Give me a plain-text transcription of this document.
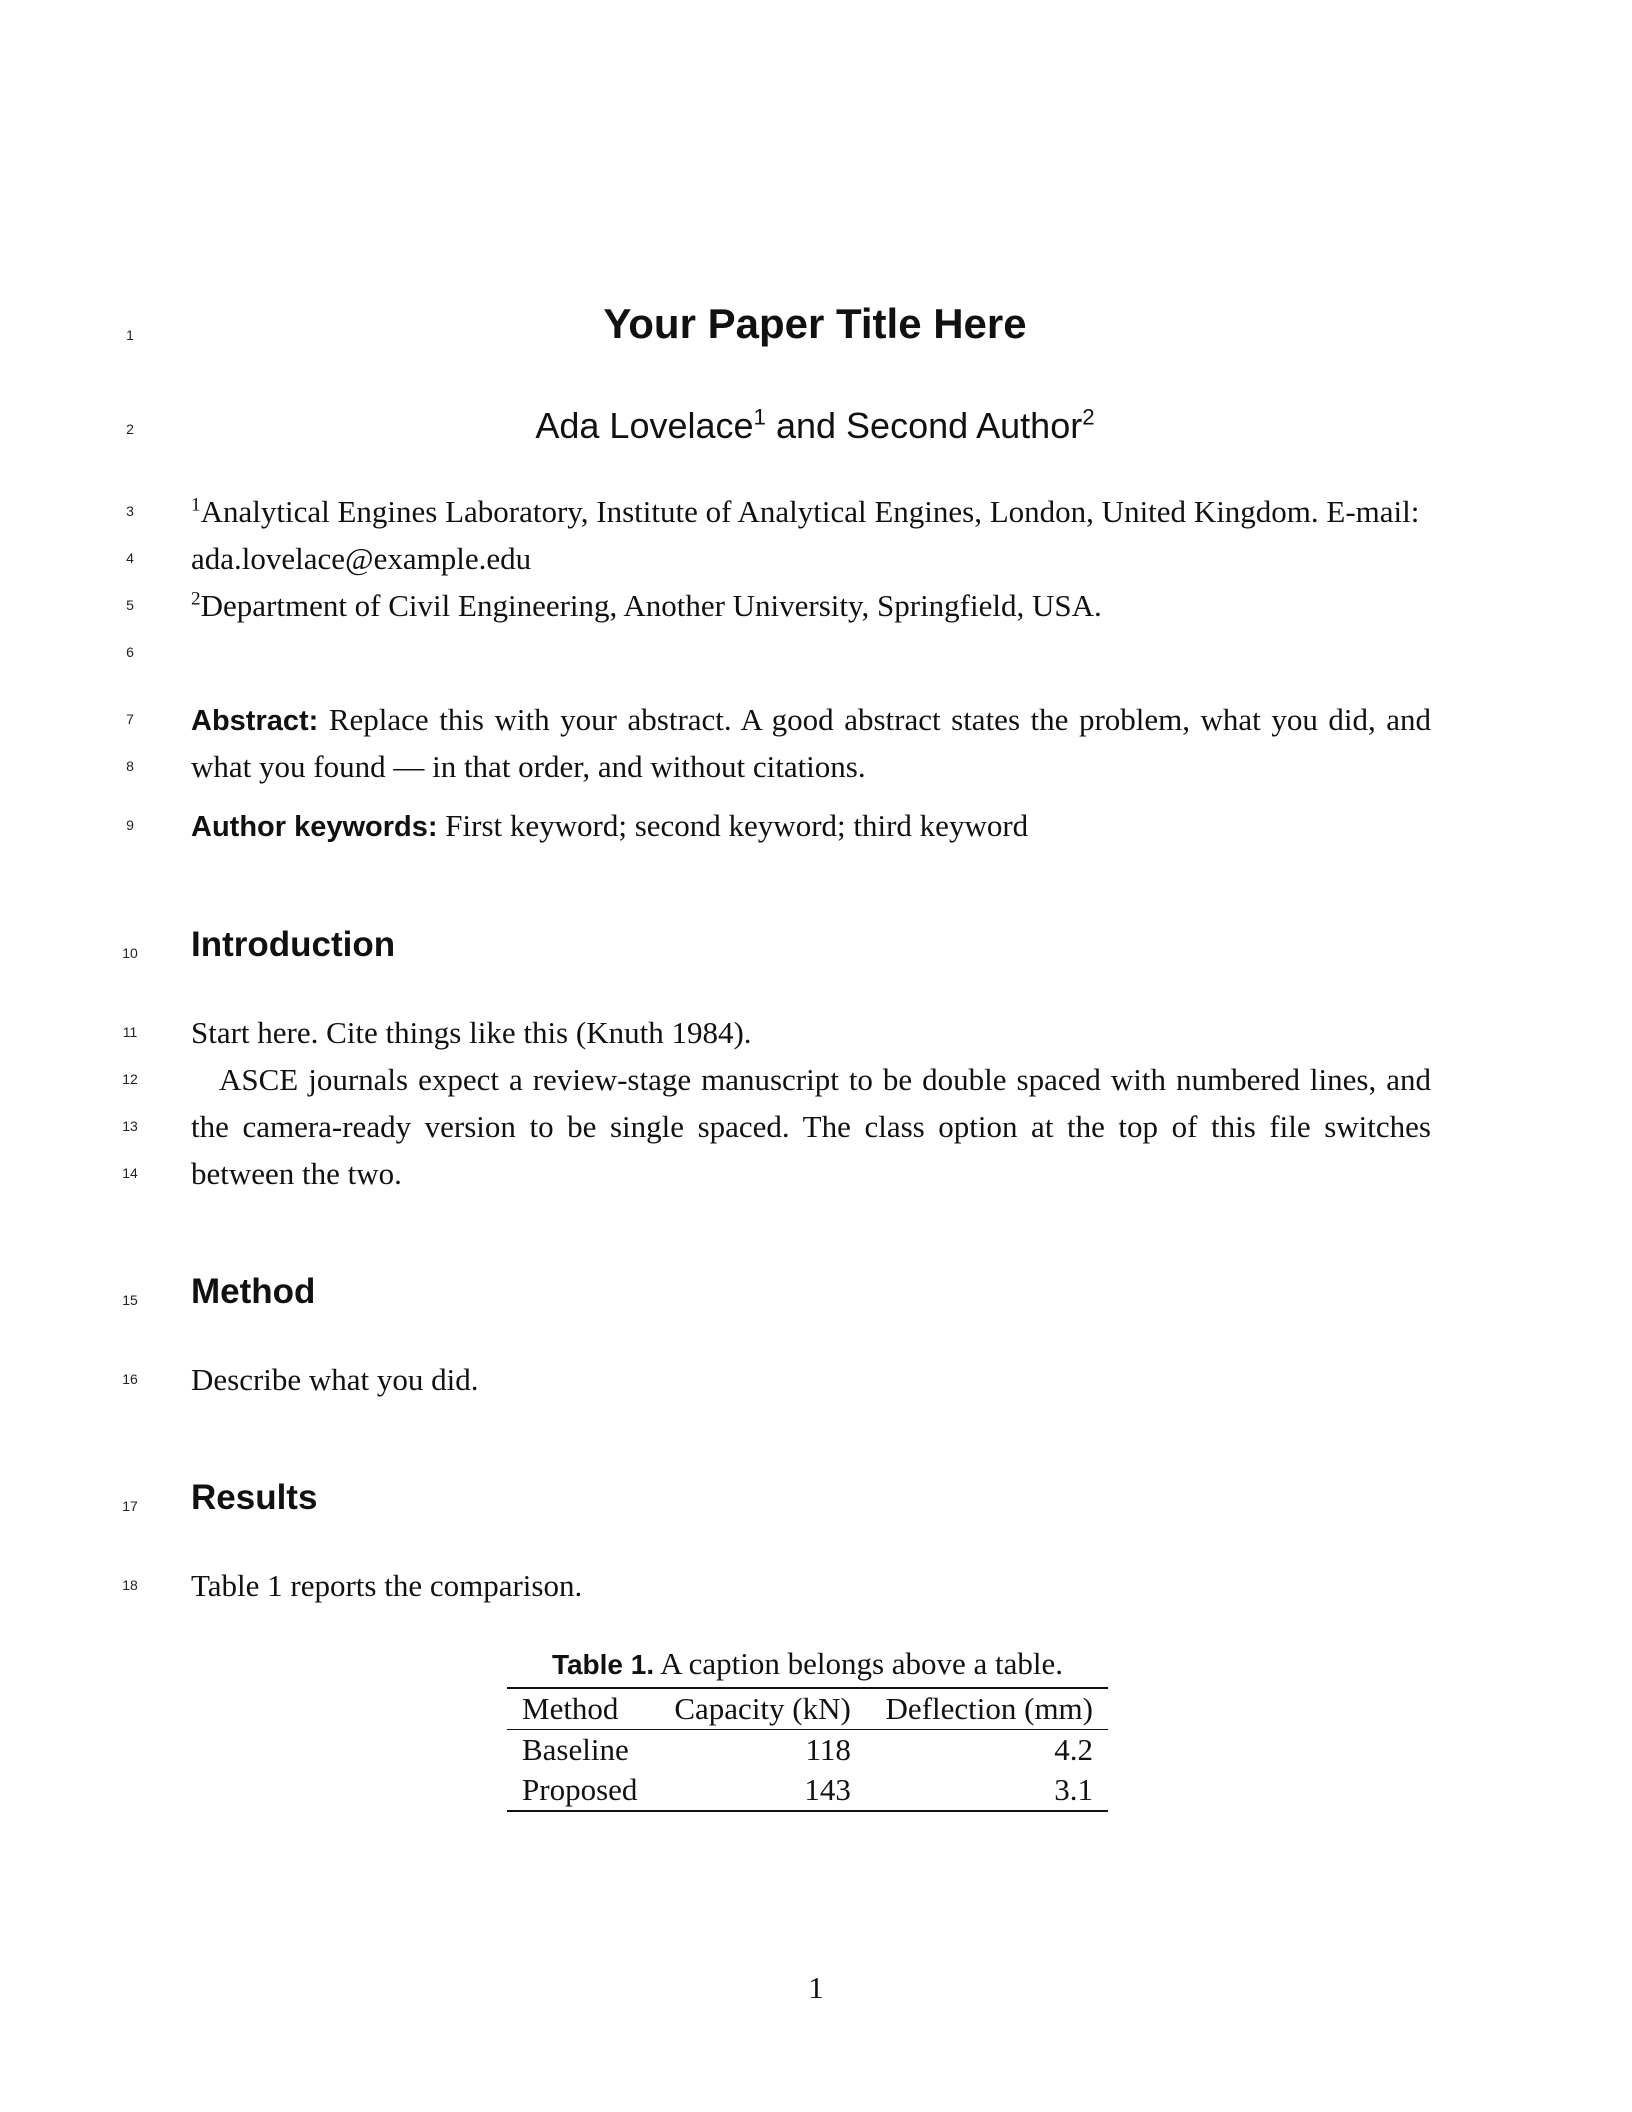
1
2
3
4
5
6
7
8
9
10
11
12
13
14
15
16
17
18
Your Paper Title Here
Ada Lovelace$^1$ and Second Author$^2$
$^1$Analytical Engines Laboratory, Institute of Analytical Engines, London, United Kingdom. E-mail:
ada.lovelace@example.edu
$^2$Department of Civil Engineering, Another University, Springfield, USA.
Abstract: Replace this with your abstract. A good abstract states the problem, what you did, and
what you found — in that order, and without citations.
Author keywords: First keyword; second keyword; third keyword
Introduction
Start here. Cite things like this (Knuth 1984).
ASCE journals expect a review-stage manuscript to be double spaced with numbered lines, and
the camera-ready version to be single spaced. The class option at the top of this file switches
between the two.
Method
Describe what you did.
Results
Table 1 reports the comparison.
Table 1. A caption belongs above a table.
Method	Capacity (kN)	Deflection (mm)
Baseline	118	4.2
Proposed	143	3.1
1
